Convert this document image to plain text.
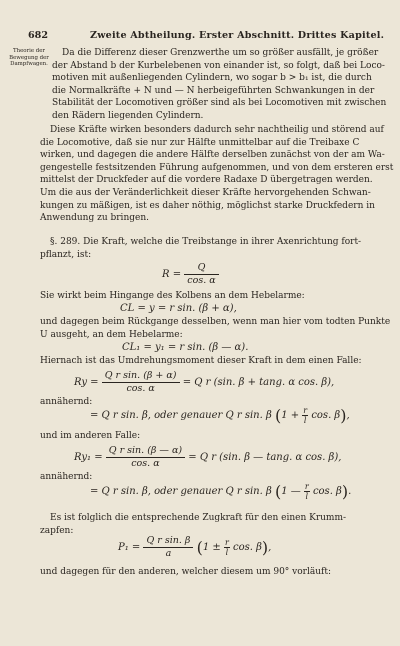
682	Zweite Abtheilung. Erster Abschnitt. Drittes Kapitel.
Theorie der Bewegung der Dampfwagen.
Da die Differenz dieser Grenzwerthe um so größer ausfällt, je größer
der Abstand b der Kurbelebenen von einander ist, so folgt, daß bei Loco-
motiven mit außenliegenden Cylindern, wo sogar b > b₁ ist, die durch
die Normalkräfte + N und — N herbeigeführten Schwankungen in der
Stabilität der Locomotiven größer sind als bei Locomotiven mit zwischen
den Rädern liegenden Cylindern.
Diese Kräfte wirken besonders dadurch sehr nachtheilig und störend auf
die Locomotive, daß sie nur zur Hälfte unmittelbar auf die Treibaxe C
wirken, und dagegen die andere Hälfte derselben zunächst von der am Wa-
gengestelle festsitzenden Führung aufgenommen, und von dem ersteren erst
mittelst der Druckfeder auf die vordere Radaxe D übergetragen werden.
Um die aus der Veränderlichkeit dieser Kräfte hervorgehenden Schwan-
kungen zu mäßigen, ist es daher nöthig, möglichst starke Druckfedern in
Anwendung zu bringen.
§. 289. Die Kraft, welche die Treibstange in ihrer Axenrichtung fort-
pflanzt, ist:
$R = \frac{Q}{\cos. \alpha}$
Sie wirkt beim Hingange des Kolbens an dem Hebelarme:
CL = y = r sin. (β + α),
und dagegen beim Rückgange desselben, wenn man hier vom todten Punkte
U ausgeht, an dem Hebelarme:
CL₁ = y₁ = r sin. (β — α).
Hiernach ist das Umdrehungsmoment dieser Kraft in dem einen Falle:
$Ry = \frac{\text{Q r sin. (β + α)}}{\cos. \alpha} = Q$ r (sin. β + tang. α cos. β),
annähernd:
= Q r sin. β, oder genauer Q r sin. β ($1 + \frac{r}{l} \cos$. β),
und im anderen Falle:
$Ry_1 = \frac{\text{Q r sin. (β — α)}}{\cos. \alpha} = Q$ r (sin. β — tang. α cos. β),
annähernd:
= Q r sin. β, oder genauer Q r sin. β (1 — $\frac{r}{l} \cos$. β).
Es ist folglich die entsprechende Zugkraft für den einen Krumm-
zapfen:
$P_1 = \frac{\text{Q r sin. β}}{a} (1 \pm \frac{r}{l} \cos$. β),
und dagegen für den anderen, welcher diesem um 90° vorläuft:
